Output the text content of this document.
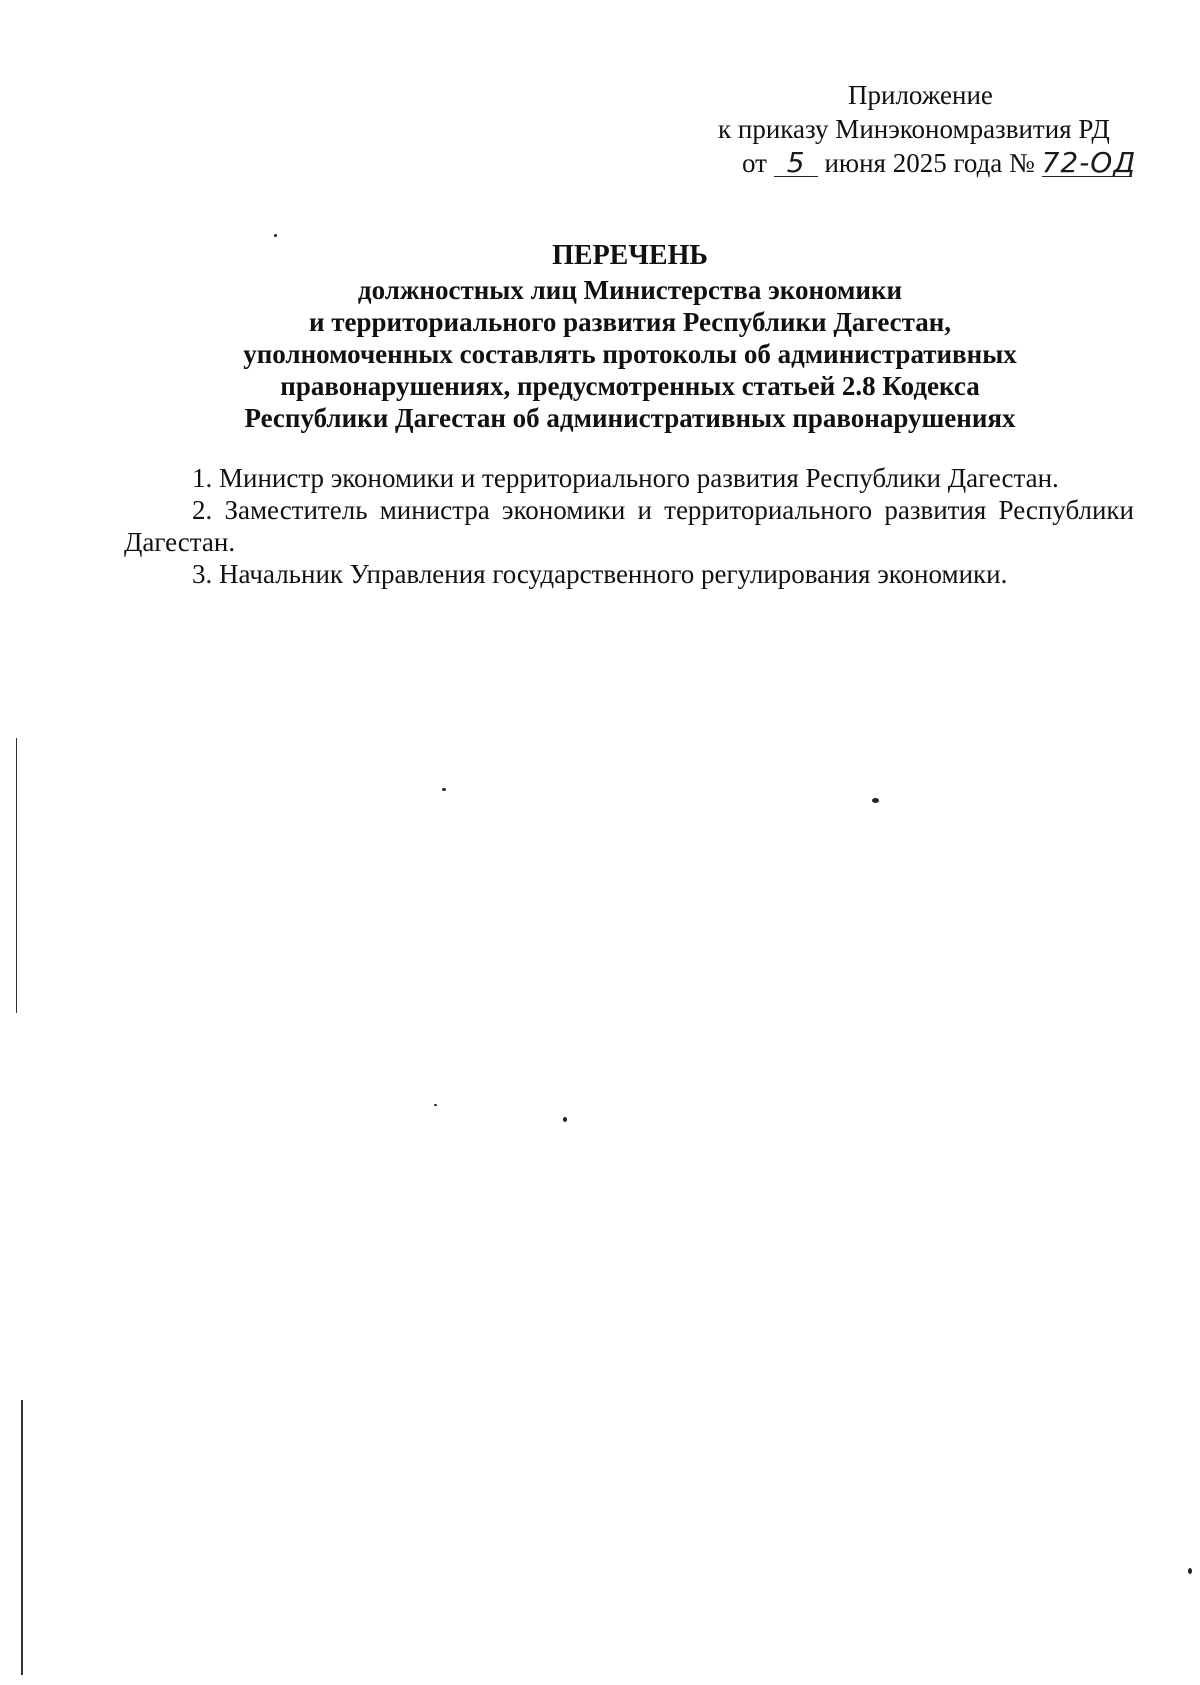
Приложение
к приказу Минэкономразвития РД
от 5 июня 2025 года № 72-ОД
ПЕРЕЧЕНЬ
должностных лиц Министерства экономики
и территориального развития Республики Дагестан,
уполномоченных составлять протоколы об административных
правонарушениях, предусмотренных статьей 2.8 Кодекса
Республики Дагестан об административных правонарушениях

1. Министр экономики и территориального развития Республики Дагестан.

2. Заместитель министра экономики и территориального развития Республики Дагестан.

3. Начальник Управления государственного регулирования экономики.
